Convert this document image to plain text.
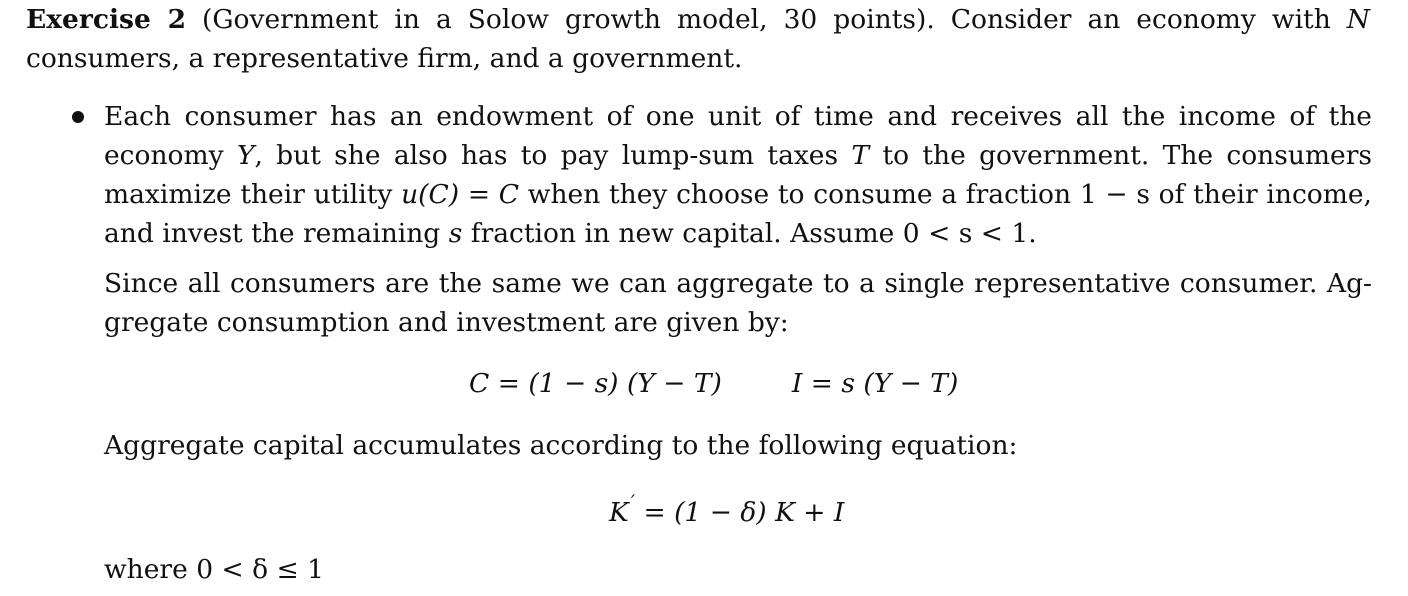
Exercise 2 (Government in a Solow growth model, 30 points). Consider an economy with N
consumers, a representative firm, and a government.
Each consumer has an endowment of one unit of time and receives all the income of the
economy Y, but she also has to pay lump-sum taxes T to the government. The consumers
maximize their utility u(C) = C when they choose to consume a fraction 1 − s of their income,
and invest the remaining s fraction in new capital. Assume 0 < s < 1.
Since all consumers are the same we can aggregate to a single representative consumer. Ag-
gregate consumption and investment are given by:
C = (1 − s) (Y − T)	I = s (Y − T)
Aggregate capital accumulates according to the following equation:
K ′ = (1 − δ) K + I
where 0 < δ ≤ 1
